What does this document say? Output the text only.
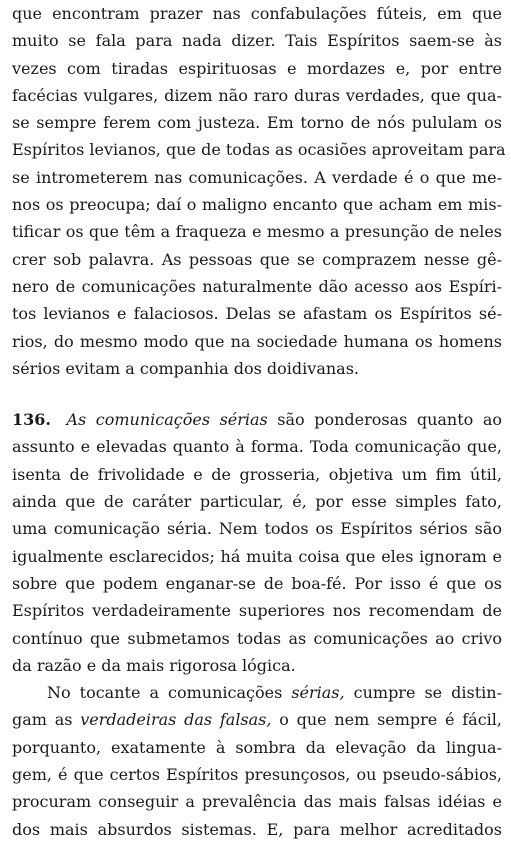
que encontram prazer nas confabulações fúteis, em que
muito se fala para nada dizer. Tais Espíritos saem-se às
vezes com tiradas espirituosas e mordazes e, por entre
facécias vulgares, dizem não raro duras verdades, que qua-
se sempre ferem com justeza. Em torno de nós pululam os
Espíritos levianos, que de todas as ocasiões aproveitam para
se intrometerem nas comunicações. A verdade é o que me-
nos os preocupa; daí o maligno encanto que acham em mis-
tificar os que têm a fraqueza e mesmo a presunção de neles
crer sob palavra. As pessoas que se comprazem nesse gê-
nero de comunicações naturalmente dão acesso aos Espíri-
tos levianos e falaciosos. Delas se afastam os Espíritos sé-
rios, do mesmo modo que na sociedade humana os homens
sérios evitam a companhia dos doidivanas.
136. As comunicações sérias são ponderosas quanto ao
assunto e elevadas quanto à forma. Toda comunicação que,
isenta de frivolidade e de grosseria, objetiva um fim útil,
ainda que de caráter particular, é, por esse simples fato,
uma comunicação séria. Nem todos os Espíritos sérios são
igualmente esclarecidos; há muita coisa que eles ignoram e
sobre que podem enganar-se de boa-fé. Por isso é que os
Espíritos verdadeiramente superiores nos recomendam de
contínuo que submetamos todas as comunicações ao crivo
da razão e da mais rigorosa lógica.
No tocante a comunicações sérias, cumpre se distin-
gam as verdadeiras das falsas, o que nem sempre é fácil,
porquanto, exatamente à sombra da elevação da lingua-
gem, é que certos Espíritos presunçosos, ou pseudo-sábios,
procuram conseguir a prevalência das mais falsas idéias e
dos mais absurdos sistemas. E, para melhor acreditados
